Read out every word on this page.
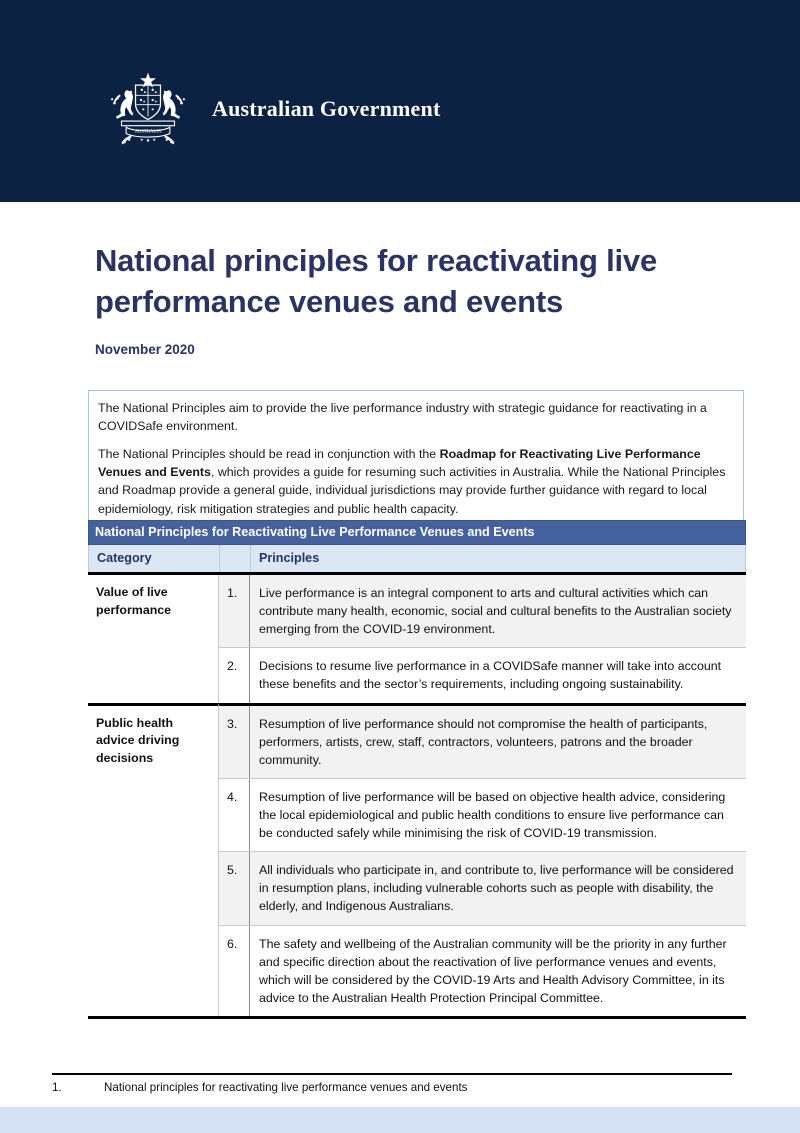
AUSTRALIA
Australian Government
National principles for reactivating live performance venues and events

November 2020

The National Principles aim to provide the live performance industry with strategic guidance for reactivating in a COVIDSafe environment.

The National Principles should be read in conjunction with the Roadmap for Reactivating Live Performance Venues and Events, which provides a guide for resuming such activities in Australia. While the National Principles and Roadmap provide a general guide, individual jurisdictions may provide further guidance with regard to local epidemiology, risk mitigation strategies and public health capacity.

National Principles for Reactivating Live Performance Venues and Events
Category	Principles
Value of live performance
1.	Live performance is an integral component to arts and cultural activities which can contribute many health, economic, social and cultural benefits to the Australian society emerging from the COVID-19 environment.
2.	Decisions to resume live performance in a COVIDSafe manner will take into account these benefits and the sector’s requirements, including ongoing sustainability.
Public health advice driving decisions
3.	Resumption of live performance should not compromise the health of participants, performers, artists, crew, staff, contractors, volunteers, patrons and the broader community.
4.	Resumption of live performance will be based on objective health advice, considering the local epidemiological and public health conditions to ensure live performance can be conducted safely while minimising the risk of COVID-19 transmission.
5.	All individuals who participate in, and contribute to, live performance will be considered in resumption plans, including vulnerable cohorts such as people with disability, the elderly, and Indigenous Australians.
6.	The safety and wellbeing of the Australian community will be the priority in any further and specific direction about the reactivation of live performance venues and events, which will be considered by the COVID-19 Arts and Health Advisory Committee, in its advice to the Australian Health Protection Principal Committee.
1.	National principles for reactivating live performance venues and events
